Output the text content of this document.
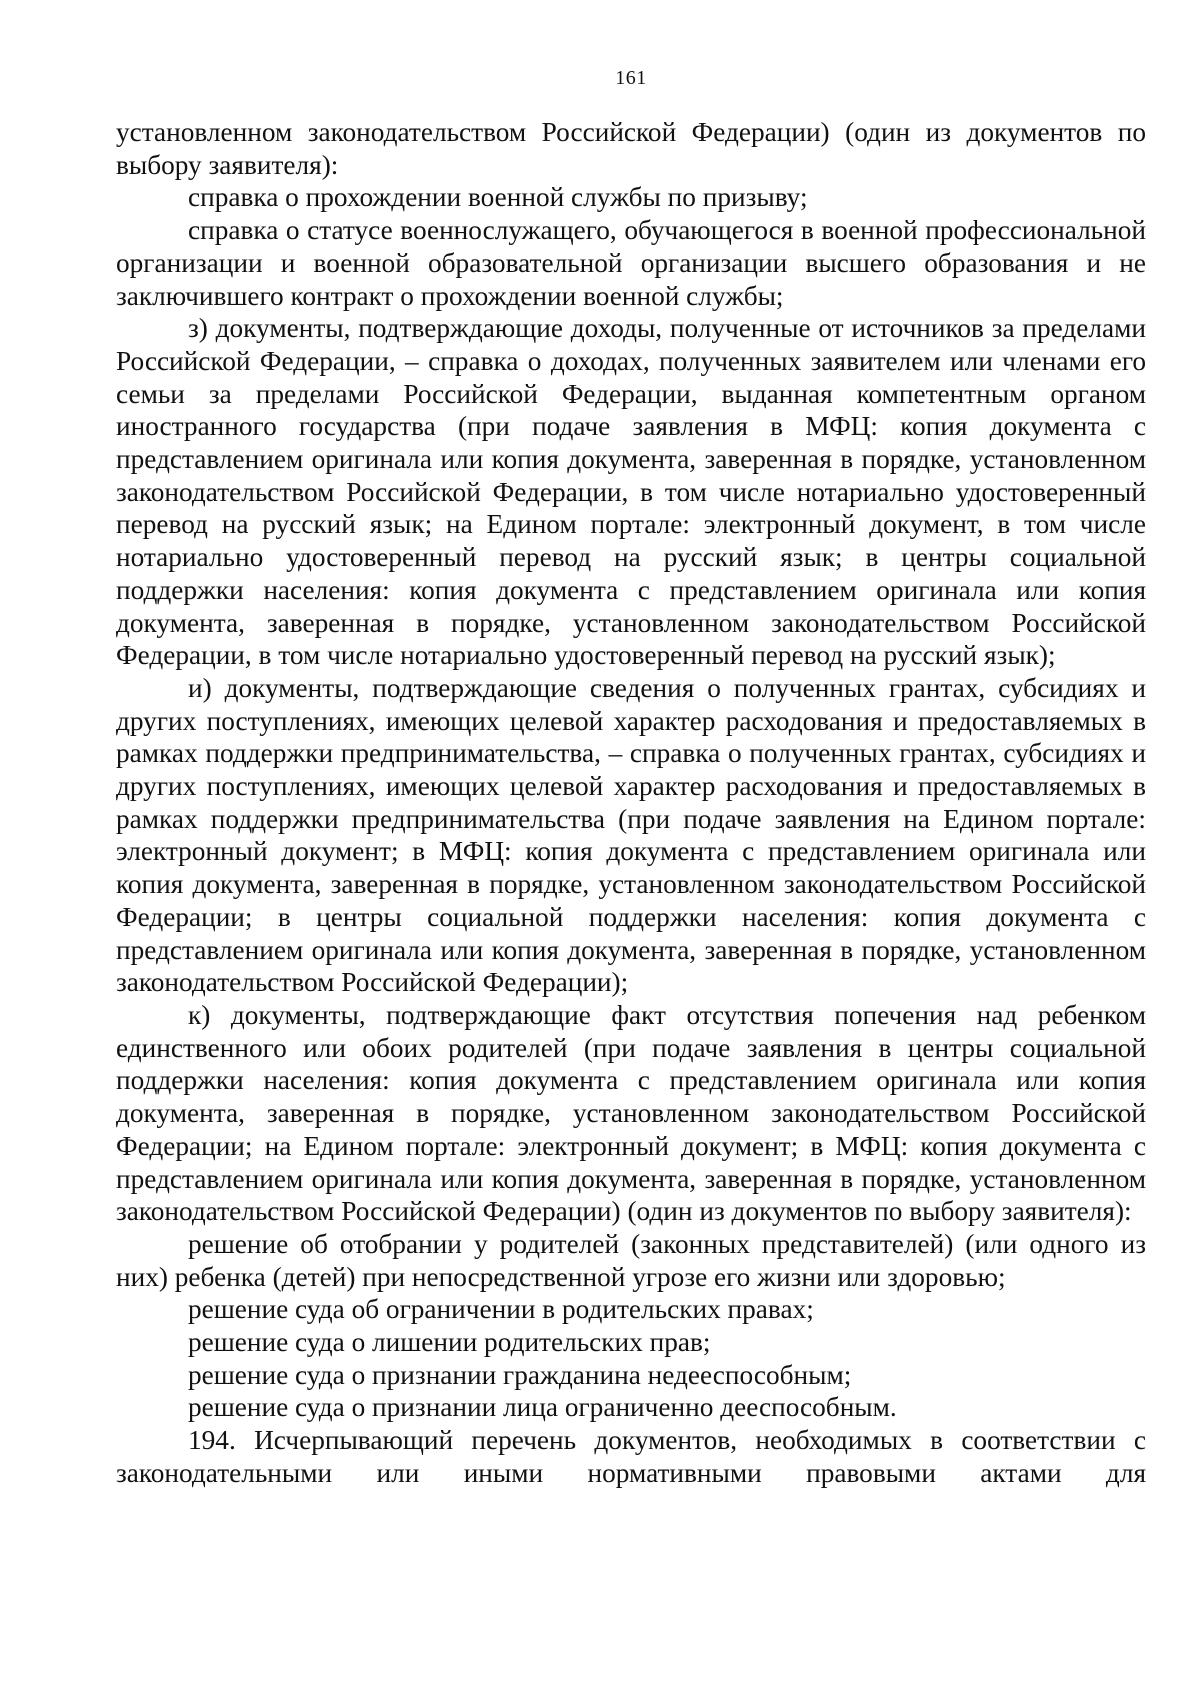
161

установленном законодательством Российской Федерации) (один из документов по выбору заявителя):

справка о прохождении военной службы по призыву;

справка о статусе военнослужащего, обучающегося в военной профессиональной организации и военной образовательной организации высшего образования и не заключившего контракт о прохождении военной службы;

з) документы, подтверждающие доходы, полученные от источников за пределами Российской Федерации, – справка о доходах, полученных заявителем или членами его семьи за пределами Российской Федерации, выданная компетентным органом иностранного государства (при подаче заявления в МФЦ: копия документа с представлением оригинала или копия документа, заверенная в порядке, установленном законодательством Российской Федерации, в том числе нотариально удостоверенный перевод на русский язык; на Едином портале: электронный документ, в том числе нотариально удостоверенный перевод на русский язык; в центры социальной поддержки населения: копия документа с представлением оригинала или копия документа, заверенная в порядке, установленном законодательством Российской Федерации, в том числе нотариально удостоверенный перевод на русский язык);

и) документы, подтверждающие сведения о полученных грантах, субсидиях и других поступлениях, имеющих целевой характер расходования и предоставляемых в рамках поддержки предпринимательства, – справка о полученных грантах, субсидиях и других поступлениях, имеющих целевой характер расходования и предоставляемых в рамках поддержки предпринимательства (при подаче заявления на Едином портале: электронный документ; в МФЦ: копия документа с представлением оригинала или копия документа, заверенная в порядке, установленном законодательством Российской Федерации; в центры социальной поддержки населения: копия документа с представлением оригинала или копия документа, заверенная в порядке, установленном законодательством Российской Федерации);

к) документы, подтверждающие факт отсутствия попечения над ребенком единственного или обоих родителей (при подаче заявления в центры социальной поддержки населения: копия документа с представлением оригинала или копия документа, заверенная в порядке, установленном законодательством Российской Федерации; на Едином портале: электронный документ; в МФЦ: копия документа с представлением оригинала или копия документа, заверенная в порядке, установленном законодательством Российской Федерации) (один из документов по выбору заявителя):

решение об отобрании у родителей (законных представителей) (или одного из них) ребенка (детей) при непосредственной угрозе его жизни или здоровью;

решение суда об ограничении в родительских правах;

решение суда о лишении родительских прав;

решение суда о признании гражданина недееспособным;

решение суда о признании лица ограниченно дееспособным.

194. Исчерпывающий перечень документов, необходимых в соответствии с законодательными или иными нормативными правовыми актами для
